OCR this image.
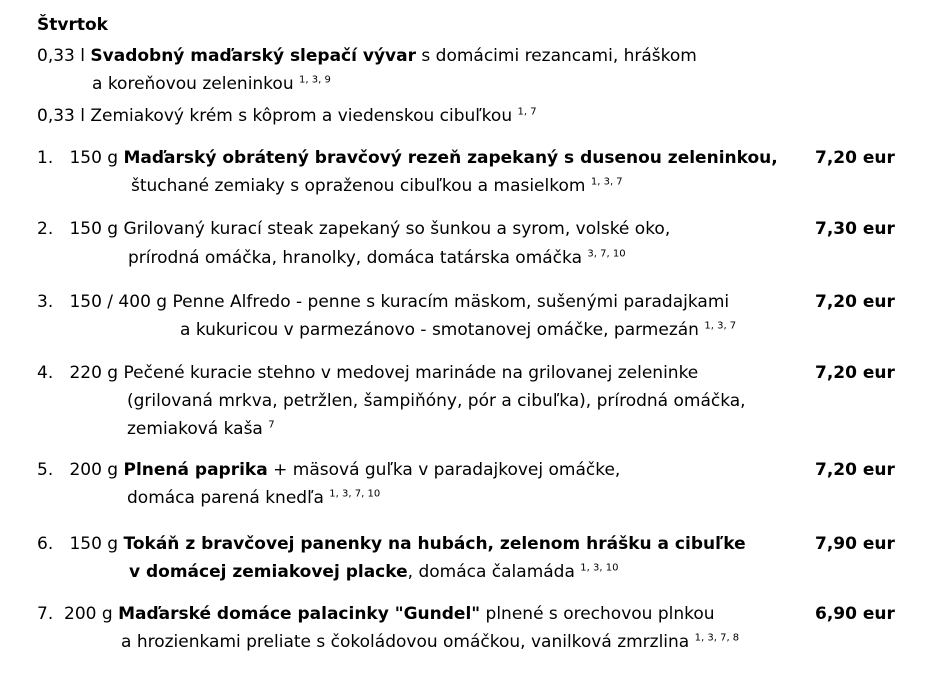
Štvrtok
0,33 l Svadobný maďarský slepačí vývar s domácimi rezancami, hráškom
a koreňovou zeleninkou $^{1, 3, 9}$
0,33 l Zemiakový krém s kôprom a viedenskou cibuľkou $^{1, 7}$
1. 150 g Maďarský obrátený bravčový rezeň zapekaný s dusenou zeleninkou,
štuchané zemiaky s opraženou cibuľkou a masielkom $^{1, 3, 7}$
7,20 eur
2. 150 g Grilovaný kurací steak zapekaný so šunkou a syrom, volské oko,
prírodná omáčka, hranolky, domáca tatárska omáčka $^{3, 7, 10}$
7,30 eur
3. 150 / 400 g Penne Alfredo - penne s kuracím mäskom, sušenými paradajkami
a kukuricou v parmezánovo - smotanovej omáčke, parmezán $^{1, 3, 7}$
7,20 eur
4. 220 g Pečené kuracie stehno v medovej marináde na grilovanej zeleninke
(grilovaná mrkva, petržlen, šampiňóny, pór a cibuľka), prírodná omáčka,
zemiaková kaša $^7$
7,20 eur
5. 200 g Plnená paprika + mäsová guľka v paradajkovej omáčke,
domáca parená knedľa $^{1, 3, 7, 10}$
7,20 eur
6. 150 g Tokáň z bravčovej panenky na hubách, zelenom hrášku a cibuľke
v domácej zemiakovej placke, domáca čalamáda $^{1, 3, 10}$
7,90 eur
7. 200 g Maďarské domáce palacinky "Gundel" plnené s orechovou plnkou
a hrozienkami preliate s čokoládovou omáčkou, vanilková zmrzlina $^{1, 3, 7, 8}$
6,90 eur
